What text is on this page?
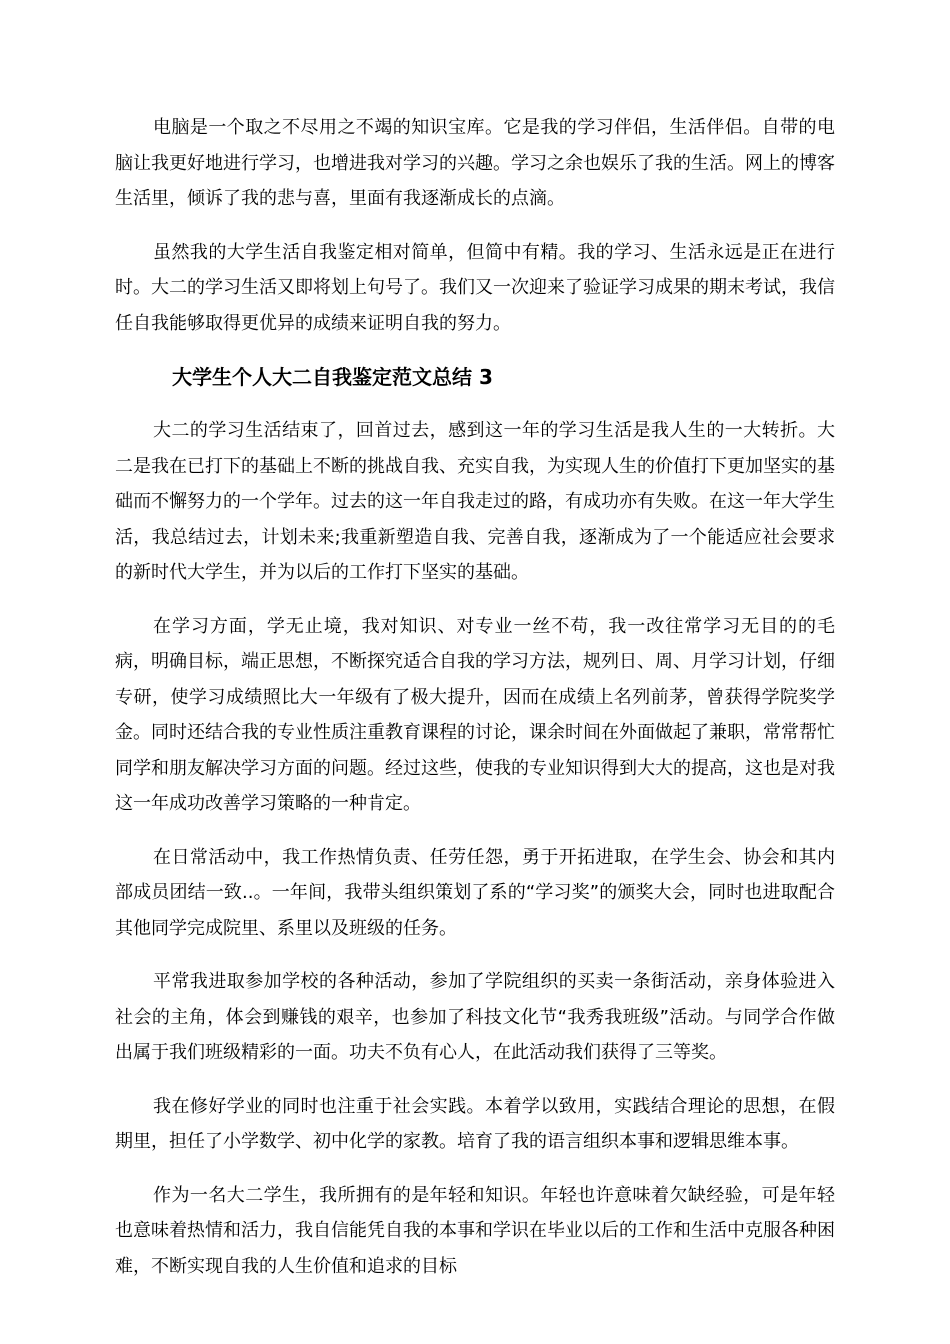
电脑是一个取之不尽用之不竭的知识宝库。它是我的学习伴侣，生活伴侣。自带的电脑让我更好地进行学习，也增进我对学习的兴趣。学习之余也娱乐了我的生活。网上的博客生活里，倾诉了我的悲与喜，里面有我逐渐成长的点滴。

虽然我的大学生活自我鉴定相对简单，但简中有精。我的学习、生活永远是正在进行时。大二的学习生活又即将划上句号了。我们又一次迎来了验证学习成果的期末考试，我信任自我能够取得更优异的成绩来证明自我的努力。

大学生个人大二自我鉴定范文总结 3

大二的学习生活结束了，回首过去，感到这一年的学习生活是我人生的一大转折。大二是我在已打下的基础上不断的挑战自我、充实自我，为实现人生的价值打下更加坚实的基础而不懈努力的一个学年。过去的这一年自我走过的路，有成功亦有失败。在这一年大学生活，我总结过去，计划未来;我重新塑造自我、完善自我，逐渐成为了一个能适应社会要求的新时代大学生，并为以后的工作打下坚实的基础。

在学习方面，学无止境，我对知识、对专业一丝不苟，我一改往常学习无目的的毛病，明确目标，端正思想，不断探究适合自我的学习方法，规列日、周、月学习计划，仔细专研，使学习成绩照比大一年级有了极大提升，因而在成绩上名列前茅，曾获得学院奖学金。同时还结合我的专业性质注重教育课程的讨论，课余时间在外面做起了兼职，常常帮忙同学和朋友解决学习方面的问题。经过这些，使我的专业知识得到大大的提高，这也是对我这一年成功改善学习策略的一种肯定。

在日常活动中，我工作热情负责、任劳任怨，勇于开拓进取，在学生会、协会和其内部成员团结一致..。一年间，我带头组织策划了系的“学习奖”的颁奖大会，同时也进取配合其他同学完成院里、系里以及班级的任务。

平常我进取参加学校的各种活动，参加了学院组织的买卖一条街活动，亲身体验进入社会的主角，体会到赚钱的艰辛，也参加了科技文化节“我秀我班级”活动。与同学合作做出属于我们班级精彩的一面。功夫不负有心人，在此活动我们获得了三等奖。

我在修好学业的同时也注重于社会实践。本着学以致用，实践结合理论的思想，在假期里，担任了小学数学、初中化学的家教。培育了我的语言组织本事和逻辑思维本事。

作为一名大二学生，我所拥有的是年轻和知识。年轻也许意味着欠缺经验，可是年轻也意味着热情和活力，我自信能凭自我的本事和学识在毕业以后的工作和生活中克服各种困难，不断实现自我的人生价值和追求的目标
